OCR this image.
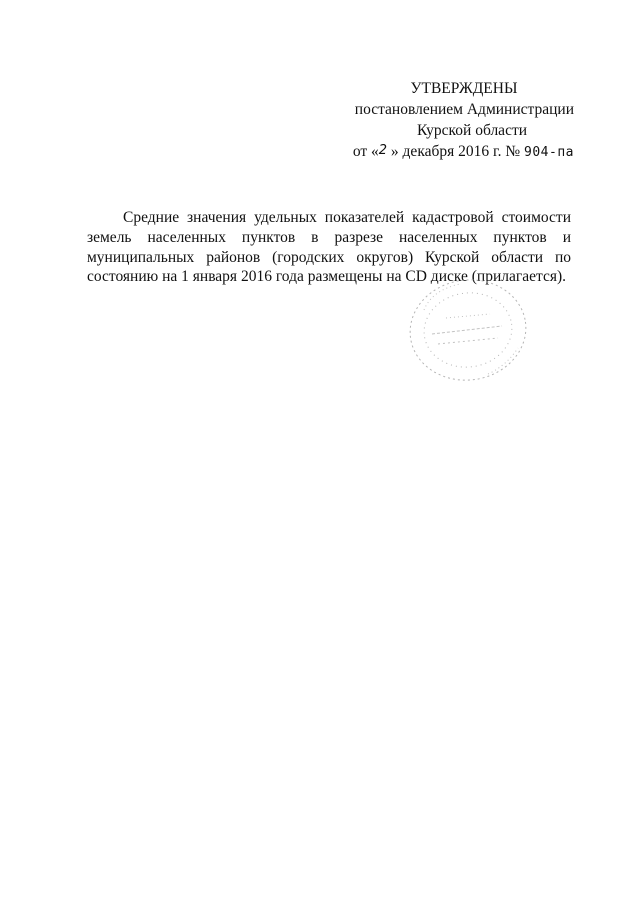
УТВЕРЖДЕНЫ
постановлением Администрации
Курской области
от «2 » декабря 2016 г. № 904-па

Средние значения удельных показателей кадастровой стоимости земель населенных пунктов в разрезе населенных пунктов и муниципальных районов (городских округов) Курской области по состоянию на 1 января 2016 года размещены на CD диске (прилагается).
